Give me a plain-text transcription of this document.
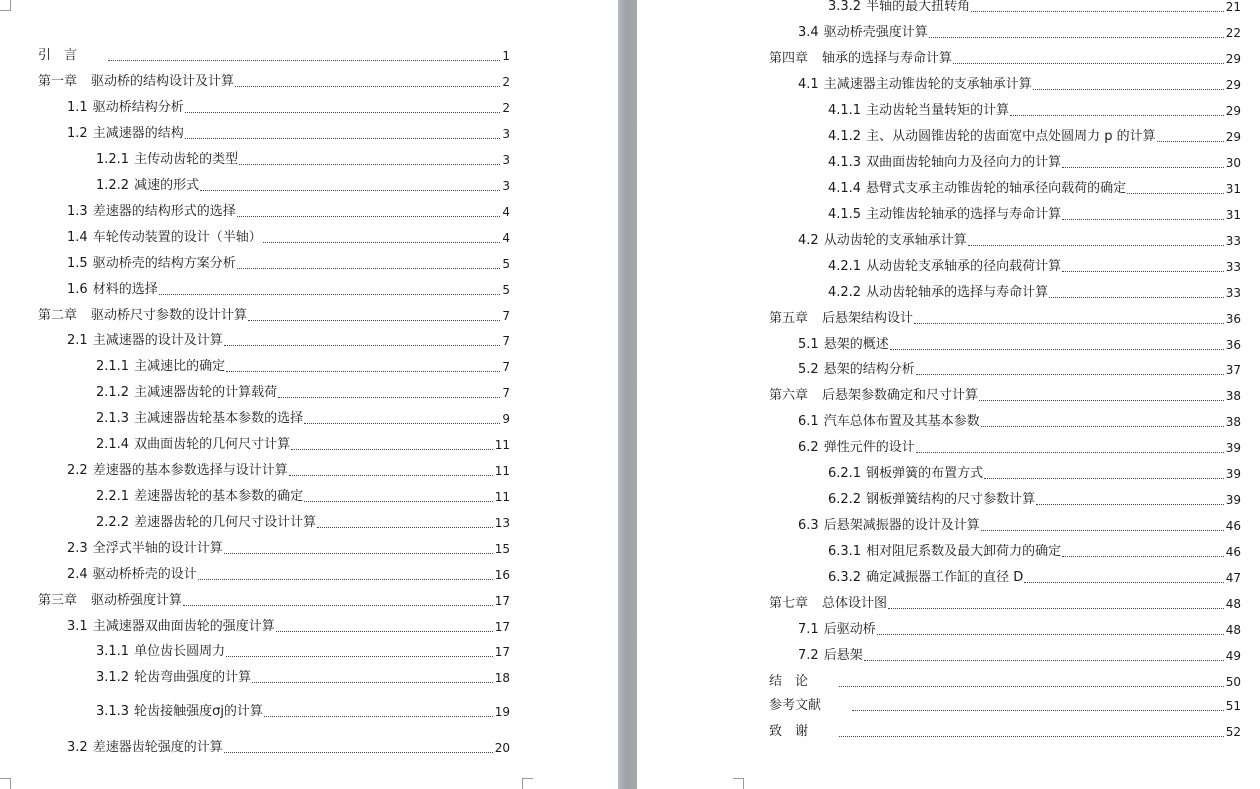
引　言	1
第一章 驱动桥的结构设计及计算	2
1.1 驱动桥结构分析	2
1.2 主减速器的结构	3
1.2.1 主传动齿轮的类型	3
1.2.2 减速的形式	3
1.3 差速器的结构形式的选择	4
1.4 车轮传动装置的设计（半轴）	4
1.5 驱动桥壳的结构方案分析	5
1.6 材料的选择	5
第二章 驱动桥尺寸参数的设计计算	7
2.1 主减速器的设计及计算	7
2.1.1 主减速比的确定	7
2.1.2 主减速器齿轮的计算载荷	7
2.1.3 主减速器齿轮基本参数的选择	9
2.1.4 双曲面齿轮的几何尺寸计算	11
2.2 差速器的基本参数选择与设计计算	11
2.2.1 差速器齿轮的基本参数的确定	11
2.2.2 差速器齿轮的几何尺寸设计计算	13
2.3 全浮式半轴的设计计算	15
2.4 驱动桥桥壳的设计	16
第三章 驱动桥强度计算	17
3.1 主减速器双曲面齿轮的强度计算	17
3.1.1 单位齿长圆周力	17
3.1.2 轮齿弯曲强度的计算	18
3.1.3 轮齿接触强度σj的计算	19
3.2 差速器齿轮强度的计算	20
3.3.2 半轴的最大扭转角	21
3.4 驱动桥壳强度计算	22
第四章 轴承的选择与寿命计算	29
4.1 主减速器主动锥齿轮的支承轴承计算	29
4.1.1 主动齿轮当量转矩的计算	29
4.1.2 主、从动圆锥齿轮的齿面宽中点处圆周力 p 的计算	29
4.1.3 双曲面齿轮轴向力及径向力的计算	30
4.1.4 悬臂式支承主动锥齿轮的轴承径向载荷的确定	31
4.1.5 主动锥齿轮轴承的选择与寿命计算	31
4.2 从动齿轮的支承轴承计算	33
4.2.1 从动齿轮支承轴承的径向载荷计算	33
4.2.2 从动齿轮轴承的选择与寿命计算	33
第五章 后悬架结构设计	36
5.1 悬架的概述	36
5.2 悬架的结构分析	37
第六章 后悬架参数确定和尺寸计算	38
6.1 汽车总体布置及其基本参数	38
6.2 弹性元件的设计	39
6.2.1 钢板弹簧的布置方式	39
6.2.2 钢板弹簧结构的尺寸参数计算	39
6.3 后悬架减振器的设计及计算	46
6.3.1 相对阻尼系数及最大卸荷力的确定	46
6.3.2 确定减振器工作缸的直径 D	47
第七章 总体设计图	48
7.1 后驱动桥	48
7.2 后悬架	49
结　论	50
参考文献	51
致　谢	52
